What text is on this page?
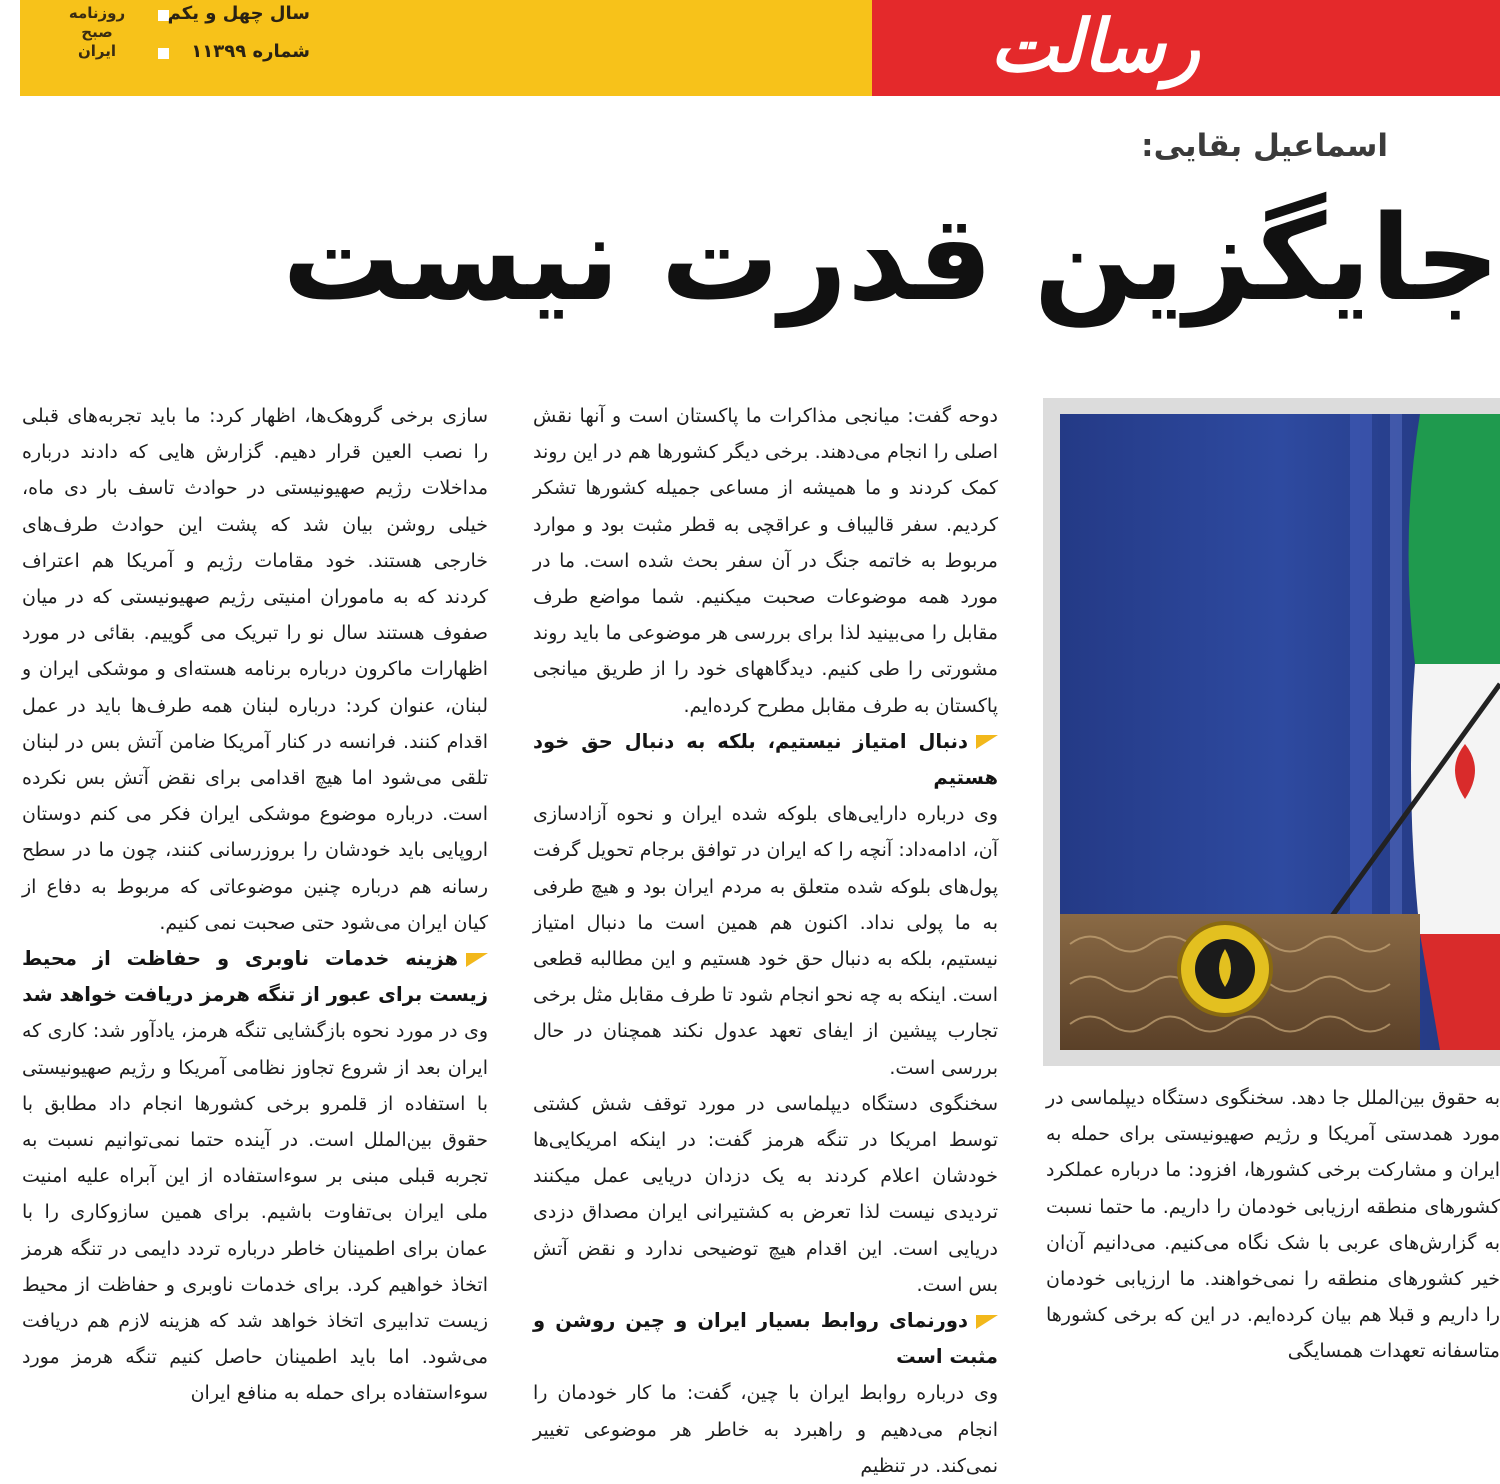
رسالت
سال چهل و یکم
شماره ۱۱۳۹۹
روزنامه
صبح
ایران
اسماعیل بقایی:
جایگزین قدرت نیست

به حقوق بین‌الملل جا دهد. سخنگوی دستگاه دیپلماسی در مورد همدستی آمریکا و رژیم صهیونیستی برای حمله به ایران و مشارکت برخی کشورها، افزود: ما درباره عملکرد کشورهای منطقه ارزیابی خودمان را داریم. ما حتما نسبت به گزارش‌های عربی با شک نگاه می‌کنیم. می‌دانیم آن‌ان خیر کشورهای منطقه را نمی‌خواهند. ما ارزیابی خودمان را داریم و قبلا هم بیان کرده‌ایم. در این که برخی کشورها متاسفانه تعهدات همسایگی

دوحه گفت: میانجی مذاکرات ما پاکستان است و آنها نقش اصلی را انجام می‌دهند. برخی دیگر کشورها هم در این روند کمک کردند و ما همیشه از مساعی جمیله کشورها تشکر کردیم. سفر قالیباف و عراقچی به قطر مثبت بود و موارد مربوط به خاتمه جنگ در آن سفر بحث شده است. ما در مورد همه موضوعات صحبت میکنیم. شما مواضع طرف مقابل را می‌بینید لذا برای بررسی هر موضوعی ما باید روند مشورتی را طی کنیم. دیدگاههای خود را از طریق میانجی پاکستان به طرف مقابل مطرح کرده‌ایم.

دنبال امتیاز نیستیم، بلکه به دنبال حق خود هستیم

وی درباره دارایی‌های بلوکه شده ایران و نحوه آزادسازی آن، ادامه‌داد: آنچه را که ایران در توافق برجام تحویل گرفت پول‌های بلوکه شده متعلق به مردم ایران بود و هیچ طرفی به ما پولی نداد. اکنون هم همین است ما دنبال امتیاز نیستیم، بلکه به دنبال حق خود هستیم و این مطالبه قطعی است. اینکه به چه نحو انجام شود تا طرف مقابل مثل برخی تجارب پیشین از ایفای تعهد عدول نکند همچنان در حال بررسی است.

سخنگوی دستگاه دیپلماسی در مورد توقف شش کشتی توسط امریکا در تنگه هرمز گفت: در اینکه امریکایی‌ها خودشان اعلام کردند به یک دزدان دریایی عمل میکنند تردیدی نیست لذا تعرض به کشتیرانی ایران مصداق دزدی دریایی است. این اقدام هیچ توضیحی ندارد و نقض آتش بس است.

دورنمای روابط بسیار ایران و چین روشن و مثبت است

وی درباره روابط ایران با چین، گفت: ما کار خودمان را انجام می‌دهیم و راهبرد به خاطر هر موضوعی تغییر نمی‌کند. در تنظیم

سازی برخی گروهک‌ها، اظهار کرد: ما باید تجربه‌های قبلی را نصب العین قرار دهیم. گزارش هایی که دادند درباره مداخلات رژیم صهیونیستی در حوادث تاسف بار دی ماه، خیلی روشن بیان شد که پشت این حوادث طرف‌های خارجی هستند. خود مقامات رژیم و آمریکا هم اعتراف کردند که به ماموران امنیتی رژیم صهیونیستی که در میان صفوف هستند سال نو را تبریک می گوییم. بقائی در مورد اظهارات ماکرون درباره برنامه هسته‌ای و موشکی ایران و لبنان، عنوان کرد: درباره لبنان همه طرف‌ها باید در عمل اقدام کنند. فرانسه در کنار آمریکا ضامن آتش بس در لبنان تلقی می‌شود اما هیچ اقدامی برای نقض آتش بس نکرده است. درباره موضوع موشکی ایران فکر می کنم دوستان اروپایی باید خودشان را بروزرسانی کنند، چون ما در سطح رسانه هم درباره چنین موضوعاتی که مربوط به دفاع از کیان ایران می‌شود حتی صحبت نمی کنیم.

هزینه خدمات ناوبری و حفاظت از محیط زیست برای عبور از تنگه هرمز دریافت خواهد شد

وی در مورد نحوه بازگشایی تنگه هرمز، یادآور شد: کاری که ایران بعد از شروع تجاوز نظامی آمریکا و رژیم صهیونیستی با استفاده از قلمرو برخی کشورها انجام داد مطابق با حقوق بین‌الملل است. در آینده حتما نمی‌توانیم نسبت به تجربه قبلی مبنی بر سوءاستفاده از این آبراه علیه امنیت ملی ایران بی‌تفاوت باشیم. برای همین سازوکاری را با عمان برای اطمینان خاطر درباره تردد دایمی در تنگه هرمز اتخاذ خواهیم کرد. برای خدمات ناوبری و حفاظت از محیط زیست تدابیری اتخاذ خواهد شد که هزینه لازم هم دریافت می‌شود. اما باید اطمینان حاصل کنیم تنگه هرمز مورد سوءاستفاده برای حمله به منافع ایران
